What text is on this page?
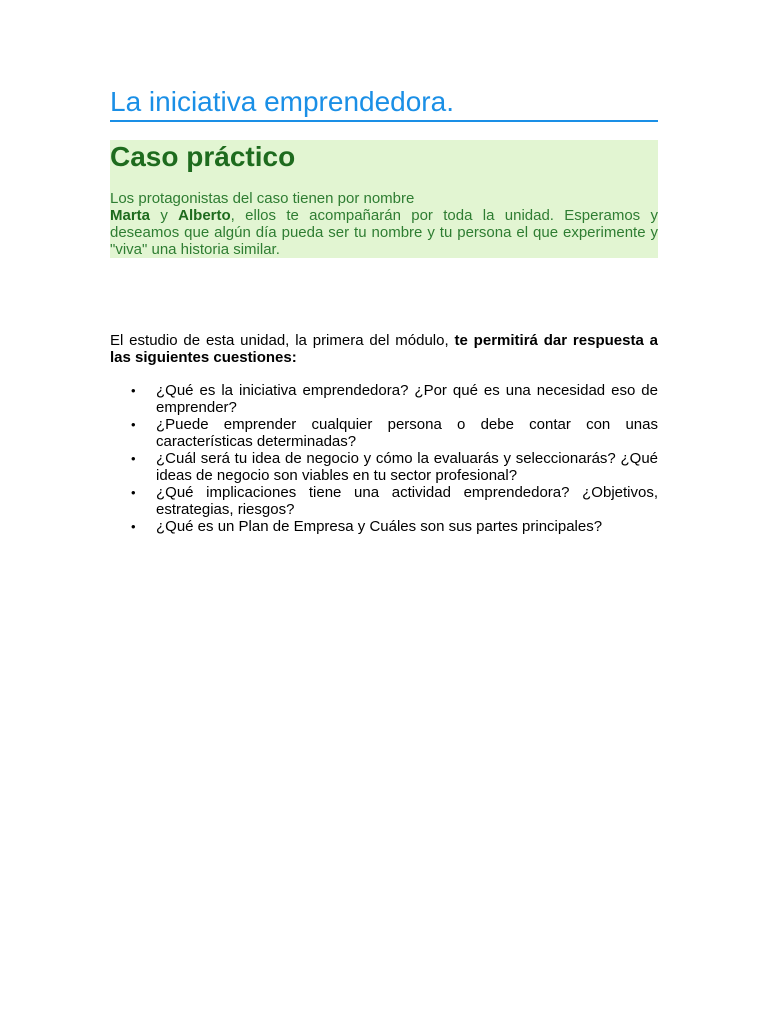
La iniciativa emprendedora.
Caso práctico

Los protagonistas del caso tienen por nombre
Marta y Alberto, ellos te acompañarán por toda la unidad. Esperamos y deseamos que algún día pueda ser tu nombre y tu persona el que experimente y "viva" una historia similar.

El estudio de esta unidad, la primera del módulo, te permitirá dar respuesta a las siguientes cuestiones:

• ¿Qué es la iniciativa emprendedora? ¿Por qué es una necesidad eso de emprender?
• ¿Puede emprender cualquier persona o debe contar con unas características determinadas?
• ¿Cuál será tu idea de negocio y cómo la evaluarás y seleccionarás? ¿Qué ideas de negocio son viables en tu sector profesional?
• ¿Qué implicaciones tiene una actividad emprendedora? ¿Objetivos, estrategias, riesgos?
• ¿Qué es un Plan de Empresa y Cuáles son sus partes principales?
